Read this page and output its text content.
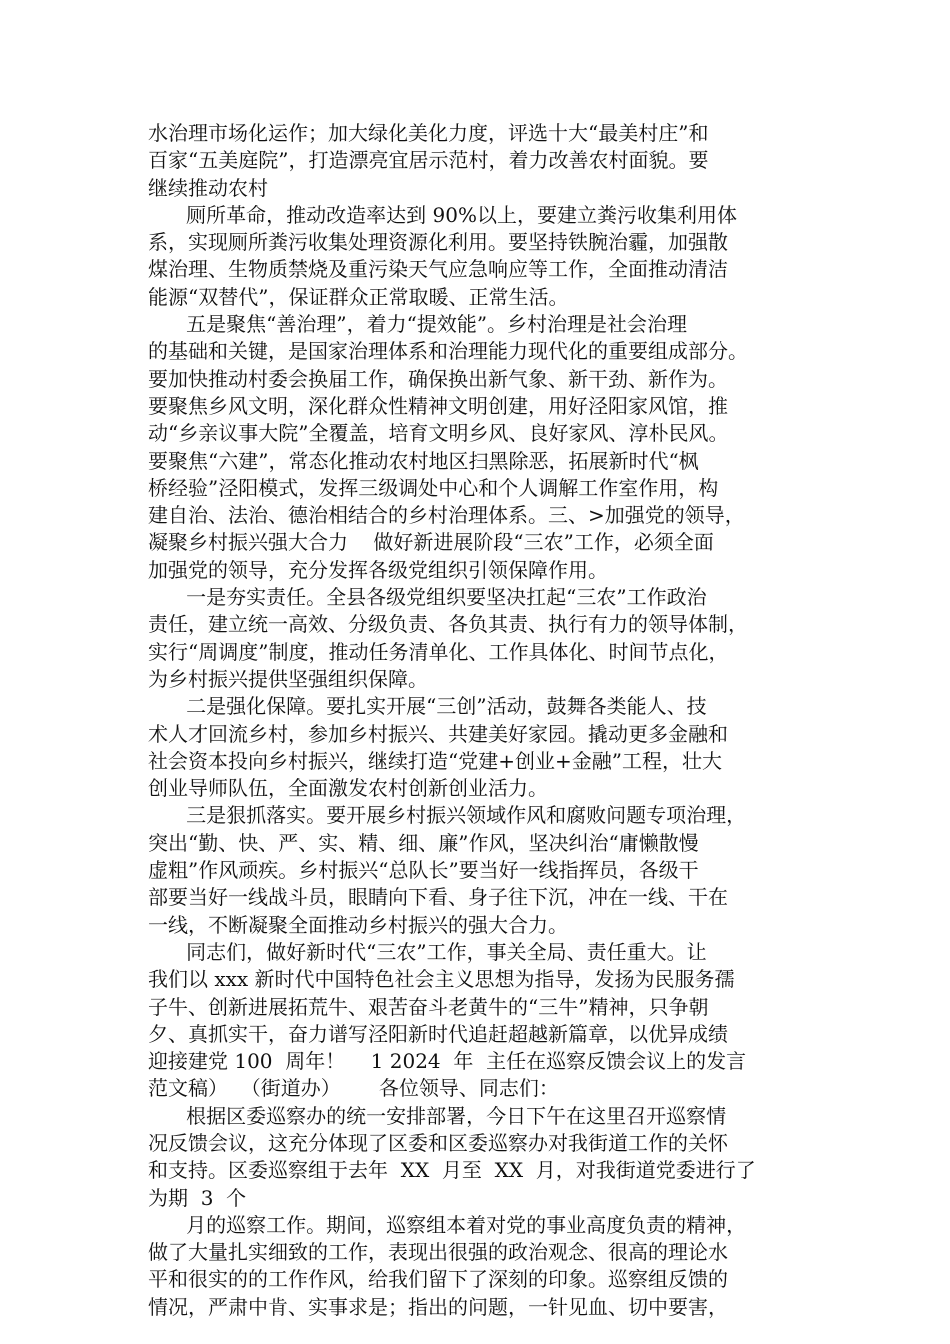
水治理市场化运作；加大绿化美化力度，评选十大“最美村庄”和
百家“五美庭院”，打造漂亮宜居示范村，着力改善农村面貌。要
继续推动农村
厕所革命，推动改造率达到 90%以上，要建立粪污收集利用体
系，实现厕所粪污收集处理资源化利用。要坚持铁腕治霾，加强散
煤治理、生物质禁烧及重污染天气应急响应等工作，全面推动清洁
能源“双替代”，保证群众正常取暖、正常生活。
五是聚焦“善治理”，着力“提效能”。乡村治理是社会治理
的基础和关键，是国家治理体系和治理能力现代化的重要组成部分。
要加快推动村委会换届工作，确保换出新气象、新干劲、新作为。
要聚焦乡风文明，深化群众性精神文明创建，用好泾阳家风馆，推
动“乡亲议事大院”全覆盖，培育文明乡风、良好家风、淳朴民风。
要聚焦“六建”，常态化推动农村地区扫黑除恶，拓展新时代“枫
桥经验”泾阳模式，发挥三级调处中心和个人调解工作室作用，构
建自治、法治、德治相结合的乡村治理体系。三、>加强党的领导，
凝聚乡村振兴强大合力    做好新进展阶段“三农”工作，必须全面
加强党的领导，充分发挥各级党组织引领保障作用。
一是夯实责任。全县各级党组织要坚决扛起“三农”工作政治
责任，建立统一高效、分级负责、各负其责、执行有力的领导体制，
实行“周调度”制度，推动任务清单化、工作具体化、时间节点化，
为乡村振兴提供坚强组织保障。
二是强化保障。要扎实开展“三创”活动，鼓舞各类能人、技
术人才回流乡村，参加乡村振兴、共建美好家园。撬动更多金融和
社会资本投向乡村振兴，继续打造“党建+创业+金融”工程，壮大
创业导师队伍，全面激发农村创新创业活力。
三是狠抓落实。要开展乡村振兴领域作风和腐败问题专项治理，
突出“勤、快、严、实、精、细、廉”作风，坚决纠治“庸懒散慢
虚粗”作风顽疾。乡村振兴“总队长”要当好一线指挥员，各级干
部要当好一线战斗员，眼睛向下看、身子往下沉，冲在一线、干在
一线，不断凝聚全面推动乡村振兴的强大合力。
同志们，做好新时代“三农”工作，事关全局、责任重大。让
我们以 xxx 新时代中国特色社会主义思想为指导，发扬为民服务孺
子牛、创新进展拓荒牛、艰苦奋斗老黄牛的“三牛”精神，只争朝
夕、真抓实干，奋力谱写泾阳新时代追赶超越新篇章，以优异成绩
迎接建党 100  周年！    1 2024  年  主任在巡察反馈会议上的发言
范文稿）  （街道办）      各位领导、同志们：
根据区委巡察办的统一安排部署，今日下午在这里召开巡察情
况反馈会议，这充分体现了区委和区委巡察办对我街道工作的关怀
和支持。区委巡察组于去年  XX  月至  XX  月，对我街道党委进行了
为期  3  个
月的巡察工作。期间，巡察组本着对党的事业高度负责的精神，
做了大量扎实细致的工作，表现出很强的政治观念、很高的理论水
平和很实的的工作作风，给我们留下了深刻的印象。巡察组反馈的
情况，严肃中肯、实事求是；指出的问题，一针见血、切中要害，
